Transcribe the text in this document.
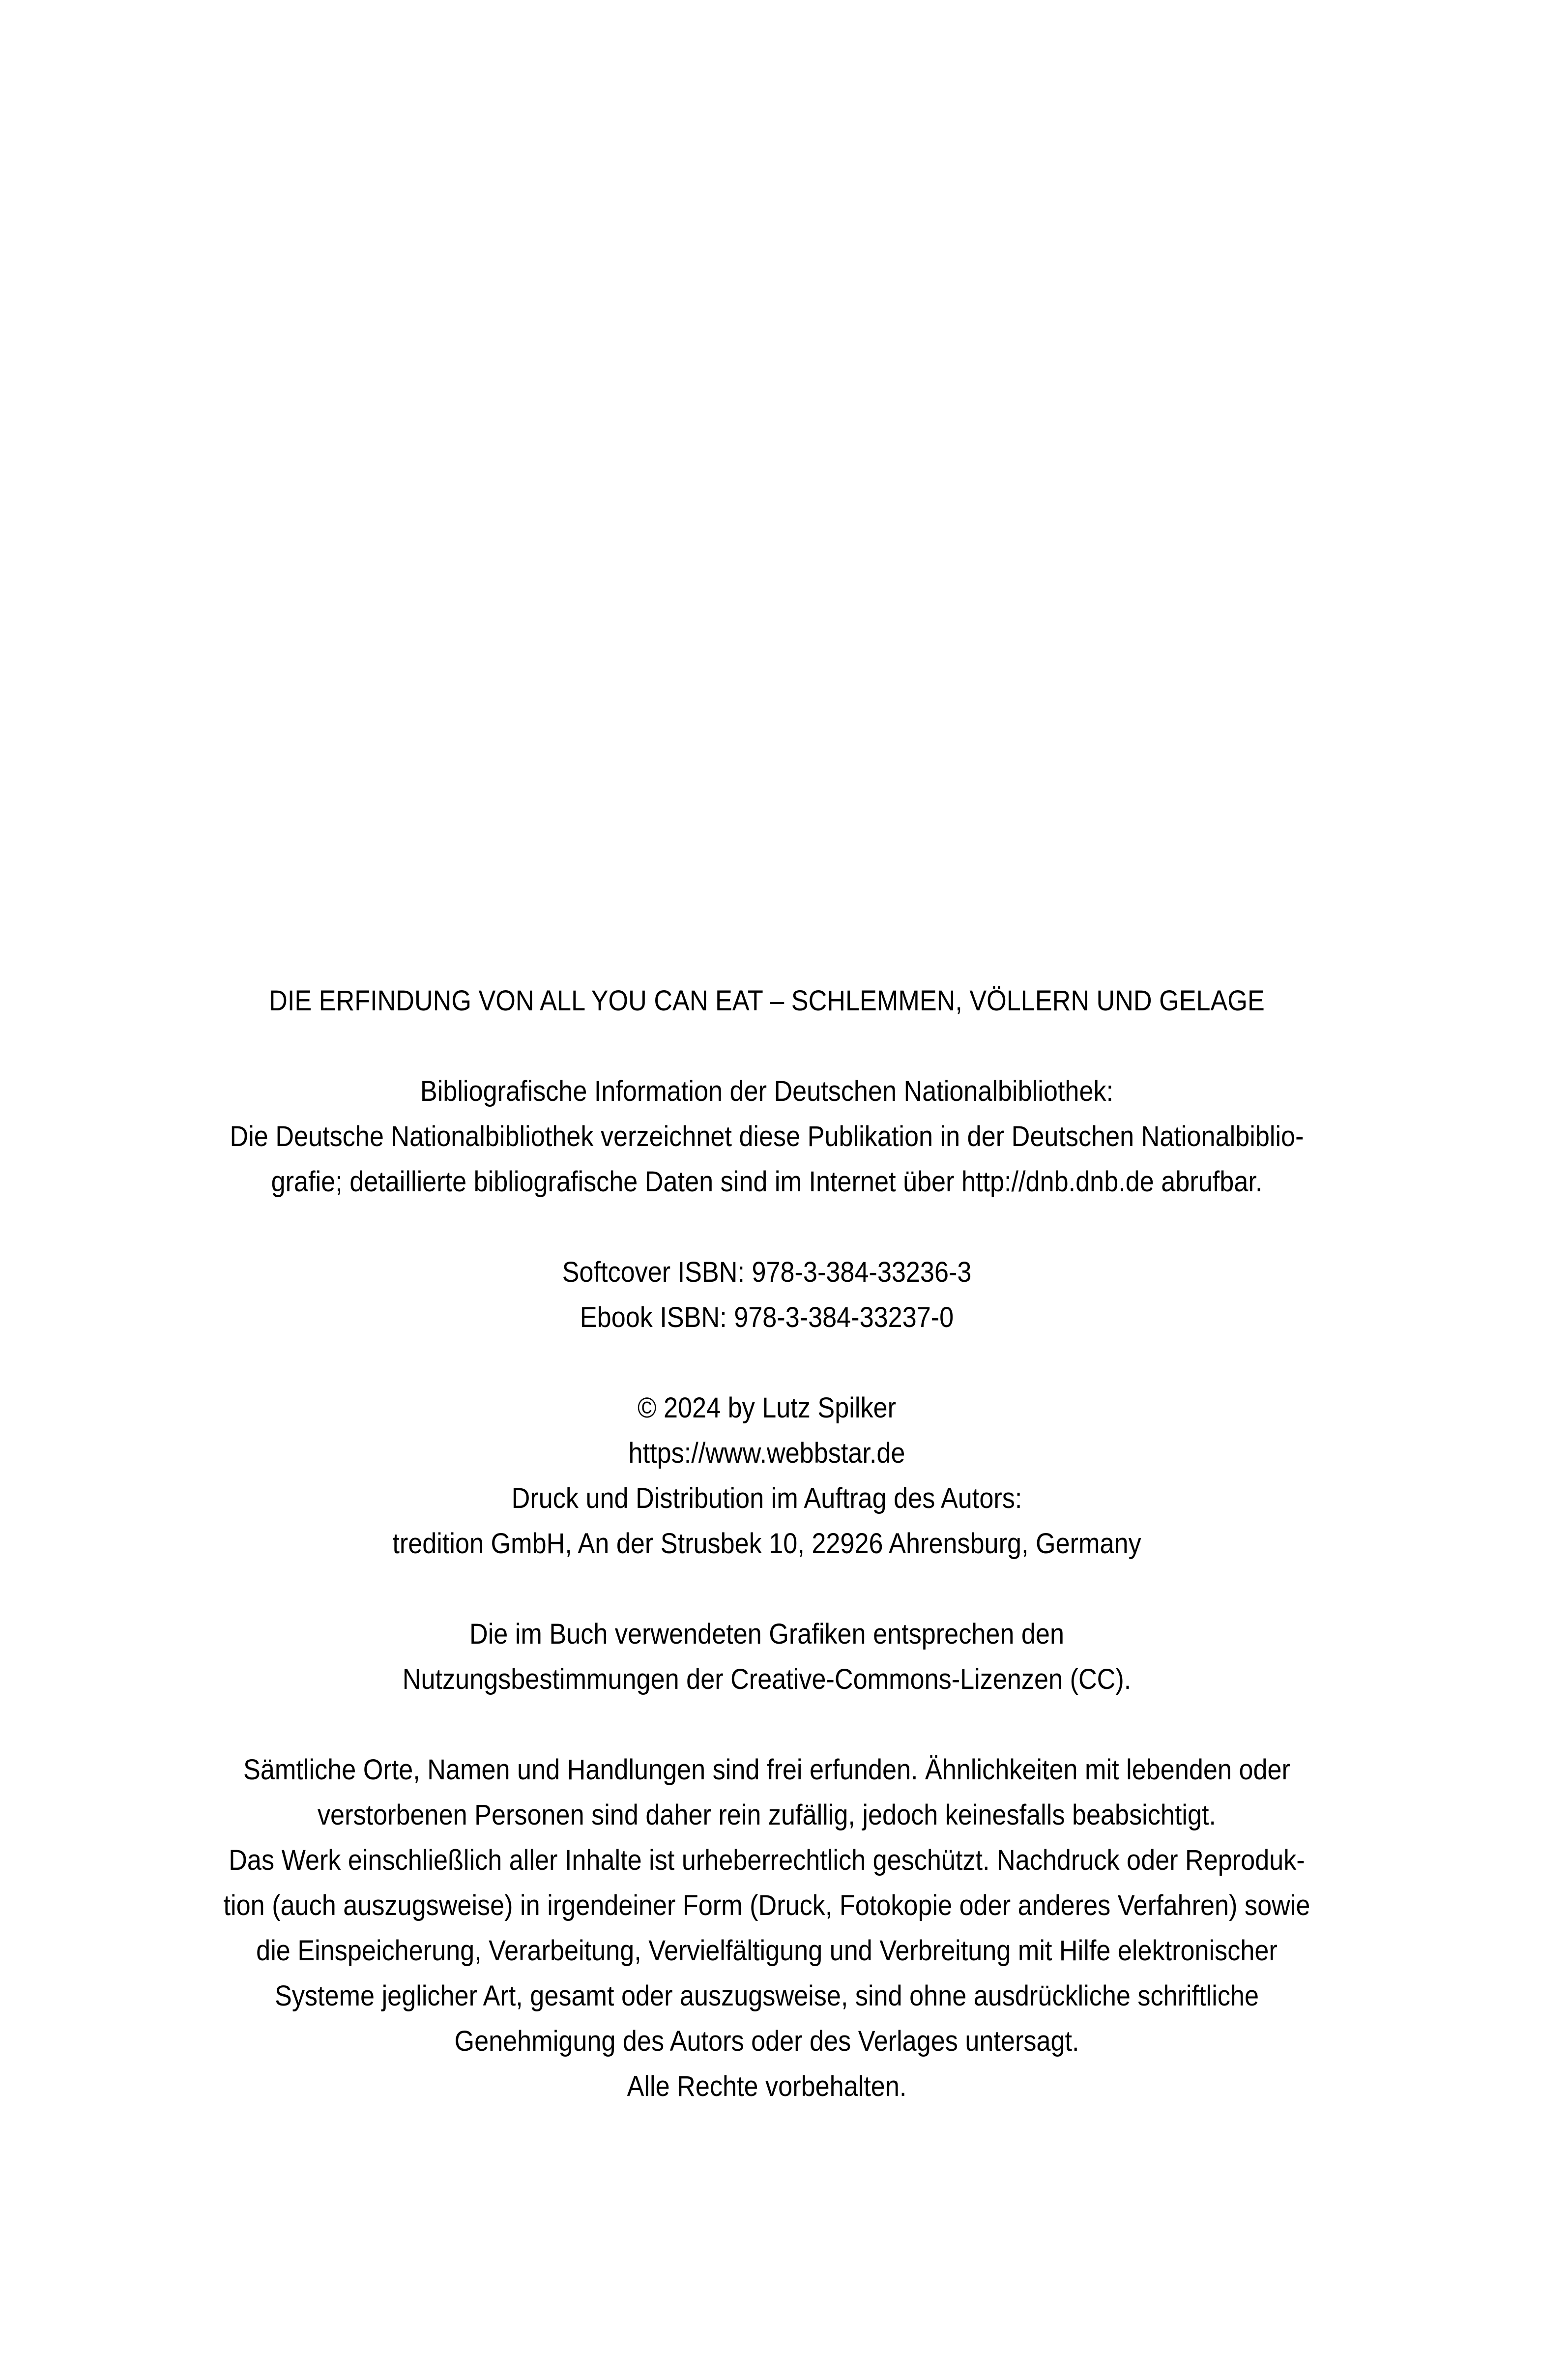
DIE ERFINDUNG VON ALL YOU CAN EAT – SCHLEMMEN, VÖLLERN UND GELAGE
Bibliografische Information der Deutschen Nationalbibliothek:
Die Deutsche Nationalbibliothek verzeichnet diese Publikation in der Deutschen Nationalbiblio-
grafie; detaillierte bibliografische Daten sind im Internet über http://dnb.dnb.de abrufbar.
Softcover ISBN: 978-3-384-33236-3
Ebook ISBN: 978-3-384-33237-0
© 2024 by Lutz Spilker
https://www.webbstar.de
Druck und Distribution im Auftrag des Autors:
tredition GmbH, An der Strusbek 10, 22926 Ahrensburg, Germany
Die im Buch verwendeten Grafiken entsprechen den
Nutzungsbestimmungen der Creative-Commons-Lizenzen (CC).
Sämtliche Orte, Namen und Handlungen sind frei erfunden. Ähnlichkeiten mit lebenden oder
verstorbenen Personen sind daher rein zufällig, jedoch keinesfalls beabsichtigt.
Das Werk einschließlich aller Inhalte ist urheberrechtlich geschützt. Nachdruck oder Reproduk-
tion (auch auszugsweise) in irgendeiner Form (Druck, Fotokopie oder anderes Verfahren) sowie
die Einspeicherung, Verarbeitung, Vervielfältigung und Verbreitung mit Hilfe elektronischer
Systeme jeglicher Art, gesamt oder auszugsweise, sind ohne ausdrückliche schriftliche
Genehmigung des Autors oder des Verlages untersagt.
Alle Rechte vorbehalten.
